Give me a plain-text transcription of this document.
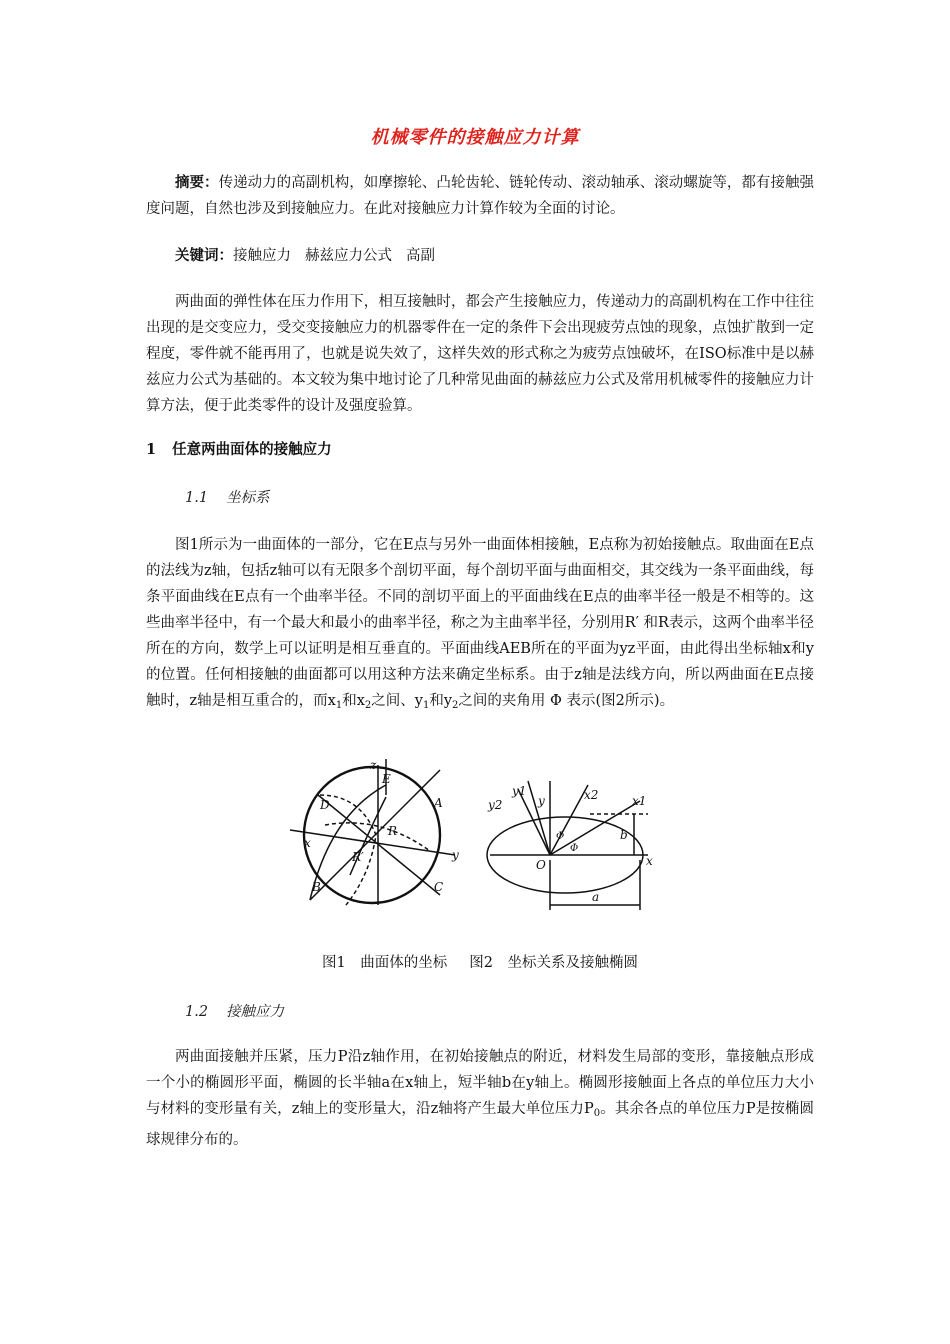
机械零件的接触应力计算

摘要：传递动力的高副机构，如摩擦轮、凸轮齿轮、链轮传动、滚动轴承、滚动螺旋等，都有接触强度问题，自然也涉及到接触应力。在此对接触应力计算作较为全面的讨论。

关键词：接触应力 赫兹应力公式 高副

两曲面的弹性体在压力作用下，相互接触时，都会产生接触应力，传递动力的高副机构在工作中往往出现的是交变应力，受交变接触应力的机器零件在一定的条件下会出现疲劳点蚀的现象，点蚀扩散到一定程度，零件就不能再用了，也就是说失效了，这样失效的形式称之为疲劳点蚀破坏，在ISO标准中是以赫兹应力公式为基础的。本文较为集中地讨论了几种常见曲面的赫兹应力公式及常用机械零件的接触应力计算方法，便于此类零件的设计及强度验算。

1 任意两曲面体的接触应力

1.1 坐标系

图1所示为一曲面体的一部分，它在E点与另外一曲面体相接触，E点称为初始接触点。取曲面在E点的法线为z轴，包括z轴可以有无限多个剖切平面，每个剖切平面与曲面相交，其交线为一条平面曲线，每条平面曲线在E点有一个曲率半径。不同的剖切平面上的平面曲线在E点的曲率半径一般是不相等的。这些曲率半径中，有一个最大和最小的曲率半径，称之为主曲率半径，分别用R′ 和R表示，这两个曲率半径所在的方向，数学上可以证明是相互垂直的。平面曲线AEB所在的平面为yz平面，由此得出坐标轴x和y的位置。任何相接触的曲面都可以用这种方法来确定坐标系。由于z轴是法线方向，所以两曲面在E点接触时，z轴是相互重合的，而$x_1$和$x_2$之间、$y_1$和$y_2$之间的夹角用 Φ 表示(图2所示)。

z
E
D	A
x
R
R′	y
B	C
y2
y1
y	x2	x1
Φ
Φ
O
b
x
a
图1　曲面体的坐标 图2　坐标关系及接触椭圆

1.2 接触应力

两曲面接触并压紧，压力P沿z轴作用，在初始接触点的附近，材料发生局部的变形，靠接触点形成一个小的椭圆形平面，椭圆的长半轴a在x轴上，短半轴b在y轴上。椭圆形接触面上各点的单位压力大小与材料的变形量有关，z轴上的变形量大，沿z轴将产生最大单位压力$P_0$。其余各点的单位压力P是按椭圆球规律分布的。
